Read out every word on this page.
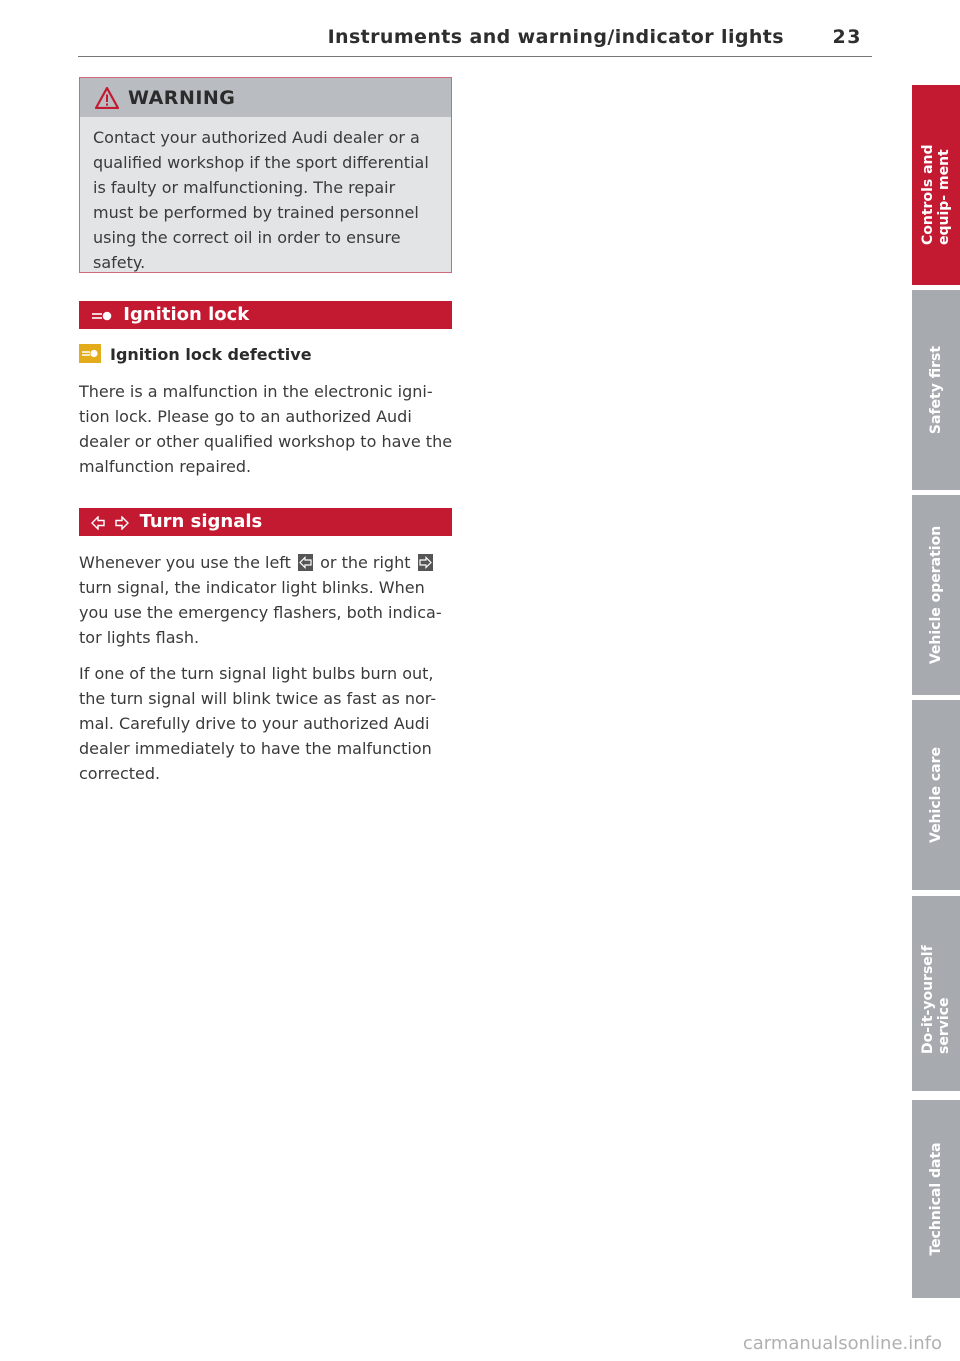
Instruments and warning/indicator lights	23
WARNING

Contact your authorized Audi dealer or a qualified workshop if the sport differential is faulty or malfunctioning. The repair must be performed by trained personnel using the correct oil in order to ensure safety.

Ignition lock
Ignition lock defective

There is a malfunction in the electronic igni- tion lock. Please go to an authorized Audi dealer or other qualified workshop to have the malfunction repaired.

Turn signals

Whenever you use the left or the right
turn signal, the indicator light blinks. When you use the emergency flashers, both indica- tor lights flash.

If one of the turn signal light bulbs burn out, the turn signal will blink twice as fast as nor- mal. Carefully drive to your authorized Audi dealer immediately to have the malfunction corrected.

Controls and equip- ment
Safety first
Vehicle operation
Vehicle care
Do-it-yourself service
Technical data
carmanualsonline.info
